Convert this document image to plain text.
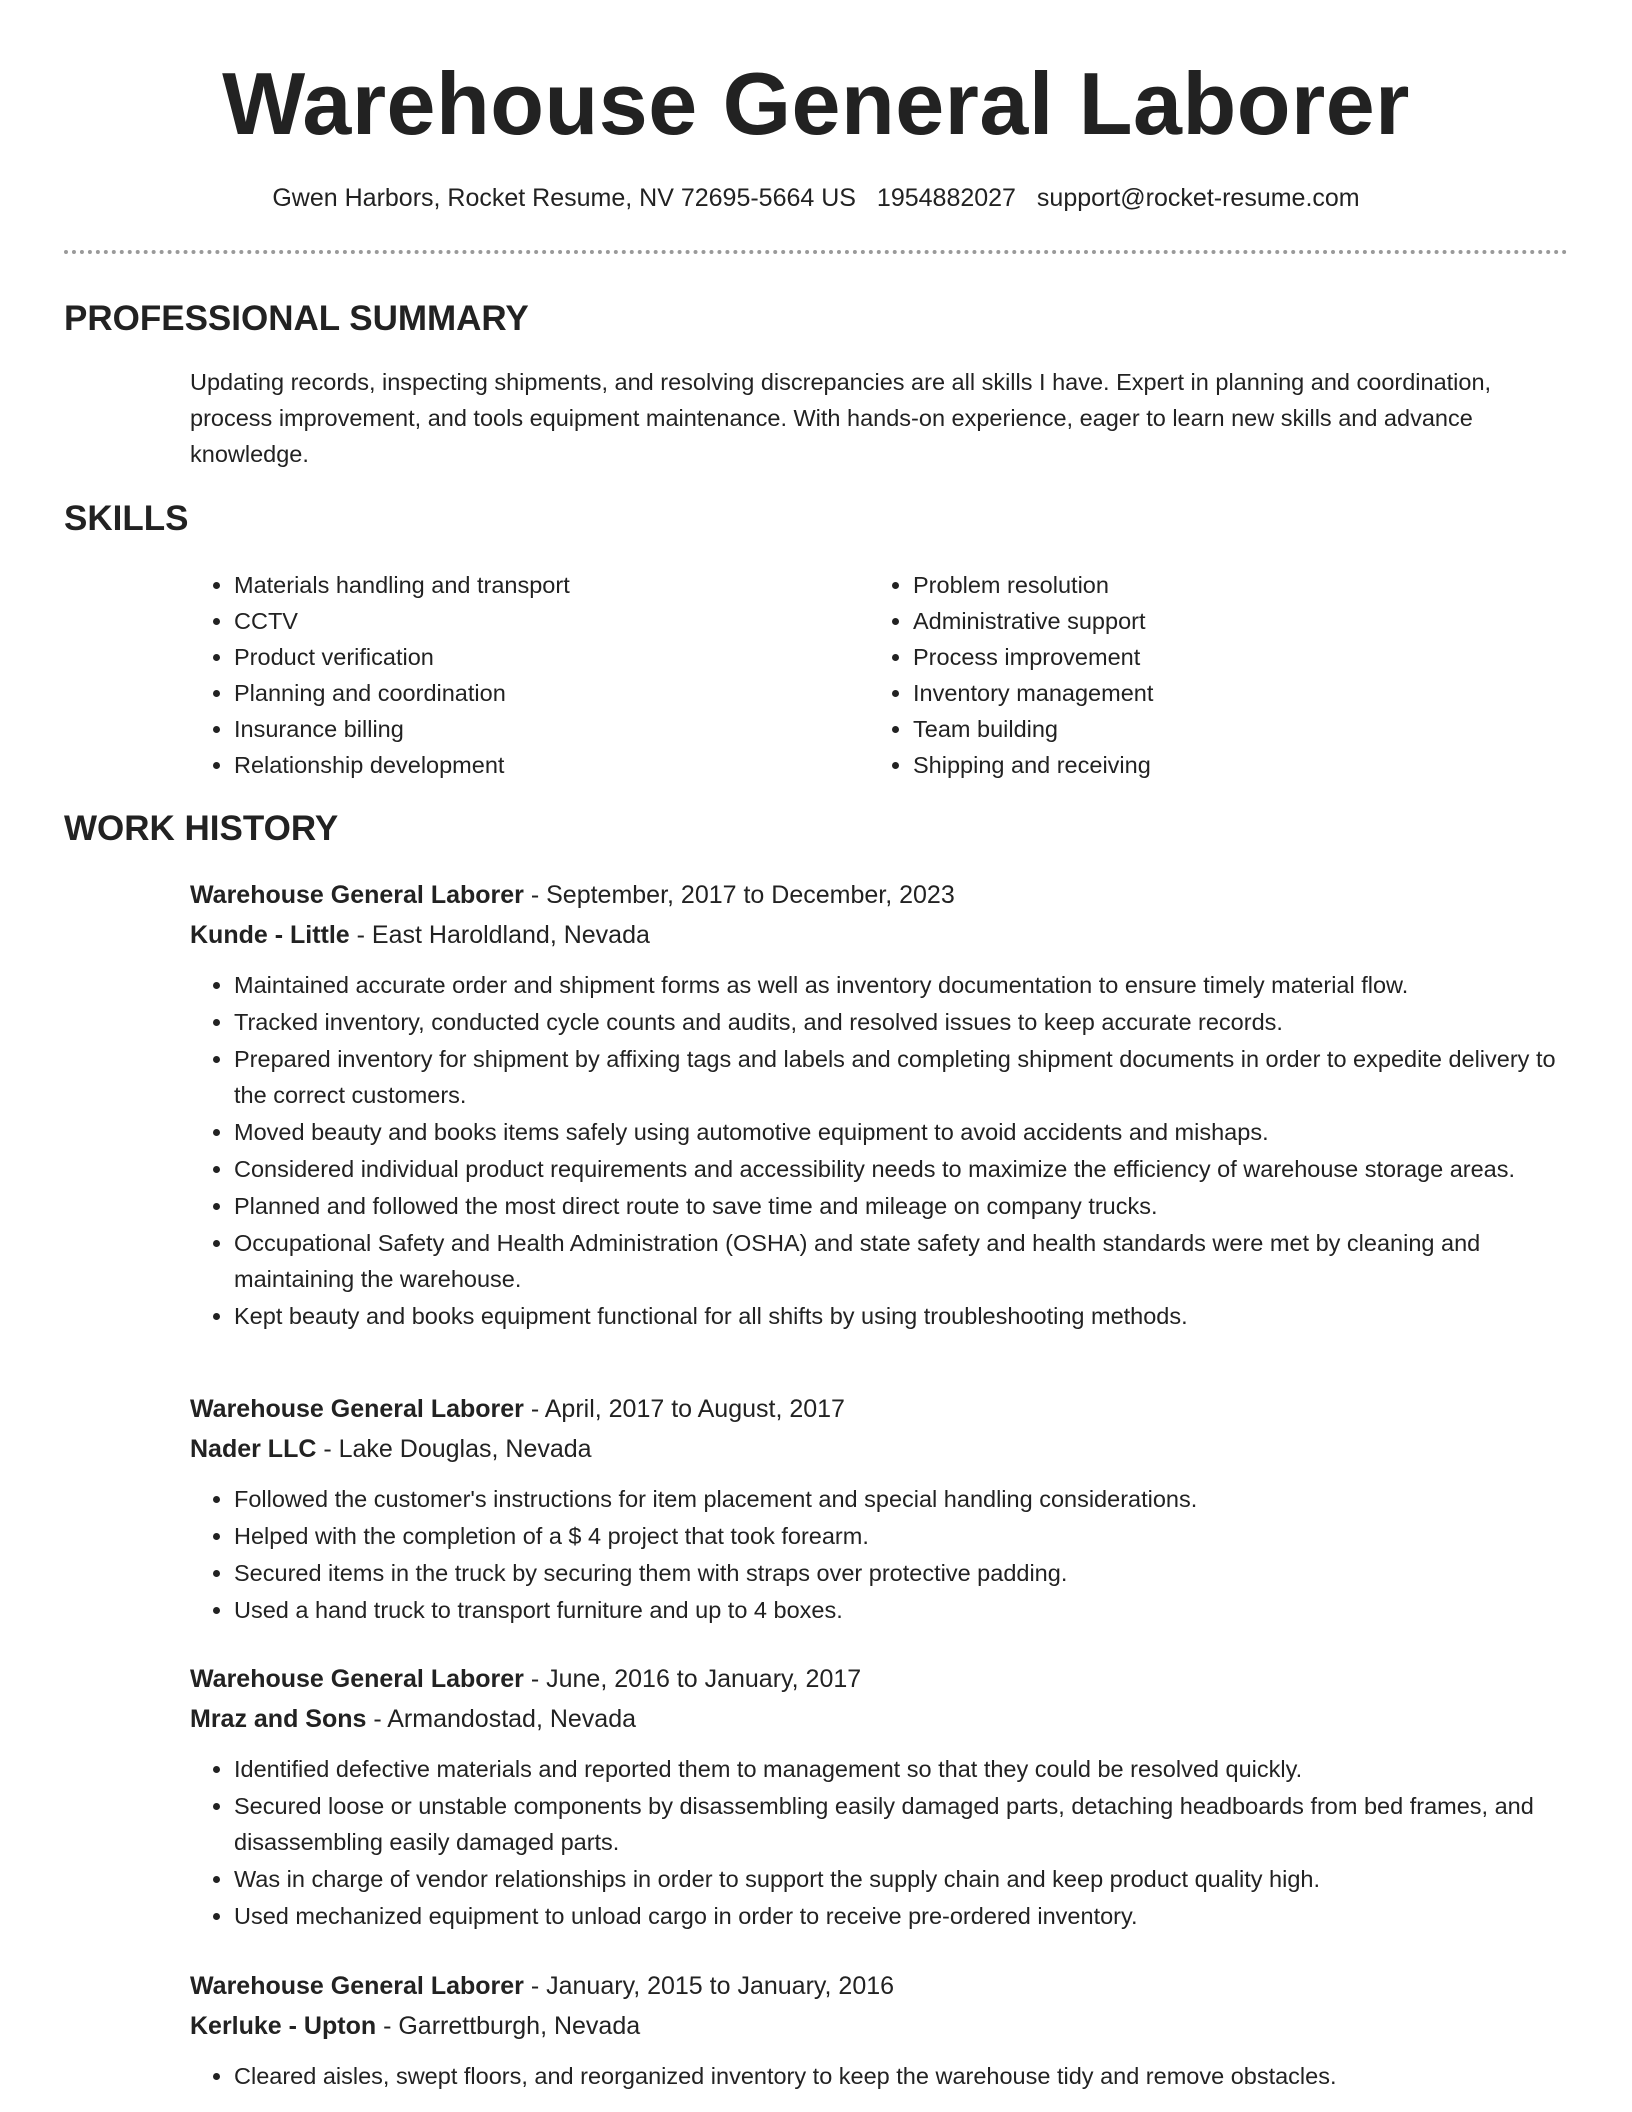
Warehouse General Laborer
Gwen Harbors, Rocket Resume, NV 72695-5664 US 1954882027 support@rocket-resume.com
PROFESSIONAL SUMMARY

Updating records, inspecting shipments, and resolving discrepancies are all skills I have. Expert in planning and coordination, process improvement, and tools equipment maintenance. With hands-on experience, eager to learn new skills and advance knowledge.

SKILLS
• Materials handling and transport
• CCTV
• Product verification
• Planning and coordination
• Insurance billing
• Relationship development
• Problem resolution
• Administrative support
• Process improvement
• Inventory management
• Team building
• Shipping and receiving
WORK HISTORY
Warehouse General Laborer - September, 2017 to December, 2023
Kunde - Little - East Haroldland, Nevada
• Maintained accurate order and shipment forms as well as inventory documentation to ensure timely material flow.
• Tracked inventory, conducted cycle counts and audits, and resolved issues to keep accurate records.
• Prepared inventory for shipment by affixing tags and labels and completing shipment documents in order to expedite delivery to the correct customers.
• Moved beauty and books items safely using automotive equipment to avoid accidents and mishaps.
• Considered individual product requirements and accessibility needs to maximize the efficiency of warehouse storage areas.
• Planned and followed the most direct route to save time and mileage on company trucks.
• Occupational Safety and Health Administration (OSHA) and state safety and health standards were met by cleaning and maintaining the warehouse.
• Kept beauty and books equipment functional for all shifts by using troubleshooting methods.
Warehouse General Laborer - April, 2017 to August, 2017
Nader LLC - Lake Douglas, Nevada
• Followed the customer's instructions for item placement and special handling considerations.
• Helped with the completion of a $ 4 project that took forearm.
• Secured items in the truck by securing them with straps over protective padding.
• Used a hand truck to transport furniture and up to 4 boxes.
Warehouse General Laborer - June, 2016 to January, 2017
Mraz and Sons - Armandostad, Nevada
• Identified defective materials and reported them to management so that they could be resolved quickly.
• Secured loose or unstable components by disassembling easily damaged parts, detaching headboards from bed frames, and disassembling easily damaged parts.
• Was in charge of vendor relationships in order to support the supply chain and keep product quality high.
• Used mechanized equipment to unload cargo in order to receive pre-ordered inventory.
Warehouse General Laborer - January, 2015 to January, 2016
Kerluke - Upton - Garrettburgh, Nevada
• Cleared aisles, swept floors, and reorganized inventory to keep the warehouse tidy and remove obstacles.
